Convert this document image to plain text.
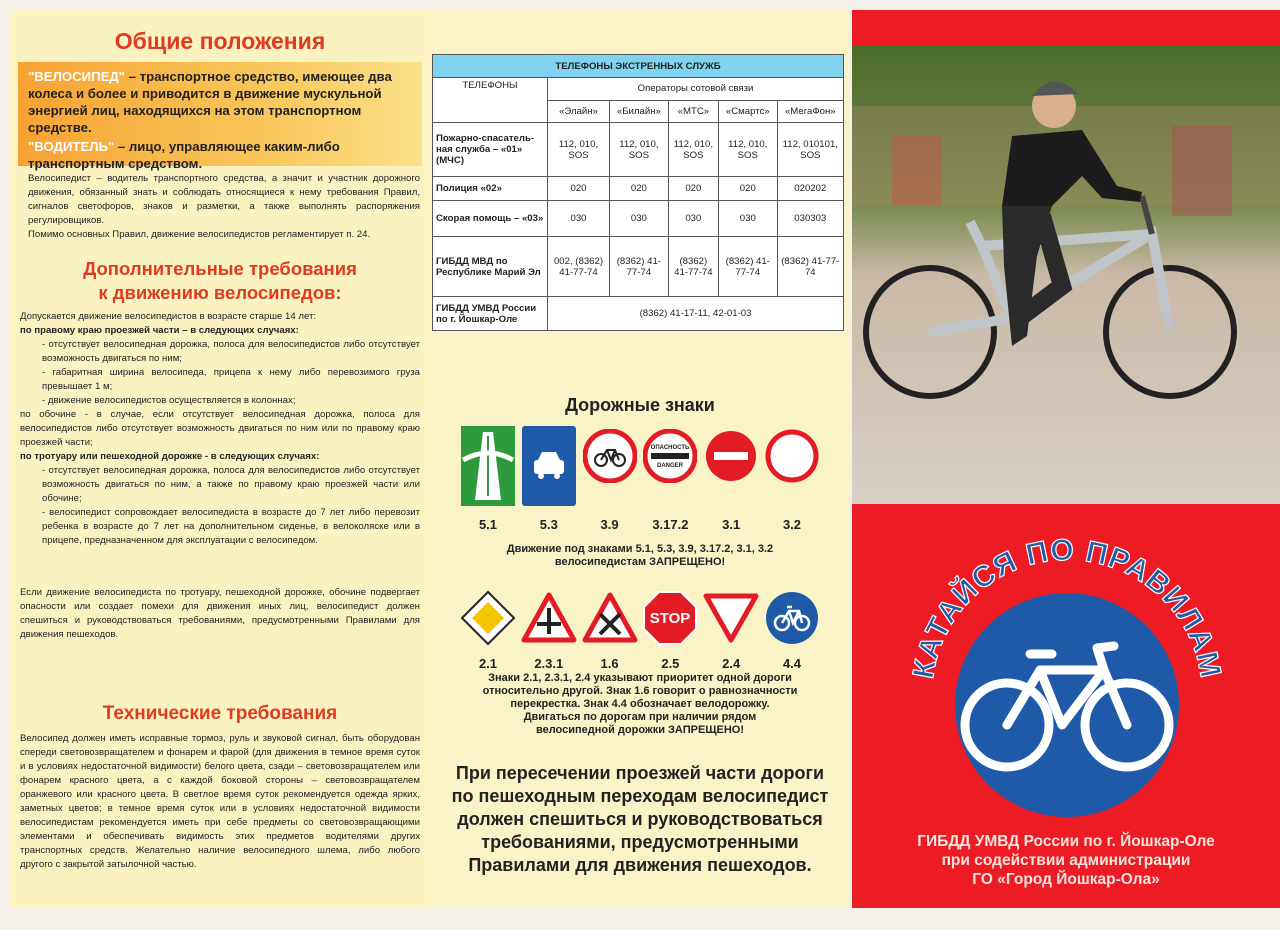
Общие положения
"ВЕЛОСИПЕД" – транспортное средство, имеющее два колеса и более и приводится в движение мускульной энергией лиц, находящихся на этом транспортном средстве.
"ВОДИТЕЛЬ" – лицо, управляющее каким-либо транспортным средством.
Велосипедист – водитель транспортного средства, а значит и участник дорожного движения, обязанный знать и соблюдать относящиеся к нему требования Правил, сигналов светофоров, знаков и разметки, а также выполнять распоряжения регулировщиков.
Помимо основных Правил, движение велосипедистов регламентирует п. 24.
Дополнительные требования
к движению велосипедов:
Допускается движение велосипедистов в возрасте старше 14 лет:
по правому краю проезжей части – в следующих случаях:
- отсутствует велосипедная дорожка, полоса для велосипедистов либо отсутствует возможность двигаться по ним;
- габаритная ширина велосипеда, прицепа к нему либо перевозимого груза превышает 1 м;
- движение велосипедистов осуществляется в колоннах;
по обочине - в случае, если отсутствует велосипедная дорожка, полоса для велосипедистов либо отсутствует возможность двигаться по ним или по правому краю проезжей части;
по тротуару или пешеходной дорожке - в следующих случаях:
- отсутствует велосипедная дорожка, полоса для велосипедистов либо отсутствует возможность двигаться по ним, а также по правому краю проезжей части или обочине;
- велосипедист сопровождает велосипедиста в возрасте до 7 лет либо перевозит ребенка в возрасте до 7 лет на дополнительном сиденье, в велоколяске или в прицепе, предназначенном для эксплуатации с велосипедом.
Если движение велосипедиста по тротуару, пешеходной дорожке, обочине подвергает опасности или создает помехи для движения иных лиц, велосипедист должен спешиться и руководствоваться требованиями, предусмотренными Правилами для движения пешеходов.
Технические требования
Велосипед должен иметь исправные тормоз, руль и звуковой сигнал, быть оборудован спереди световозвращателем и фонарем и фарой (для движения в темное время суток и в условиях недостаточной видимости) белого цвета, сзади – световозвращателем или фонарем красного цвета, а с каждой боковой стороны – световозвращателем оранжевого или красного цвета. В светлое время суток рекомендуется одежда ярких, заметных цветов; в темное время суток или в условиях недостаточной видимости велосипедистам рекомендуется иметь при себе предметы со световозвращающими элементами и обеспечивать видимость этих предметов водителями других транспортных средств. Желательно наличие велосипедного шлема, либо любого другого с закрытой затылочной частью.
ТЕЛЕФОНЫ ЭКСТРЕННЫХ СЛУЖБ					
ТЕЛЕФОНЫ	Операторы сотовой связи				
	«Элайн»	«Билайн»	«МТС»	«Смартс»	«МегаФон»
Пожарно-спасатель-ная служба – «01» (МЧС)	112, 010, SOS	112, 010, SOS	112, 010, SOS	112, 010, SOS	112, 010101, SOS
Полиция «02»	020	020	020	020	020202
Скорая помощь – «03»	030	030	030	030	030303
ГИБДД МВД по Республике Марий Эл	002, (8362) 41-77-74	(8362) 41-77-74	(8362) 41-77-74	(8362) 41-77-74	(8362) 41-77-74
ГИБДД УМВД России по г. Йошкар-Оле	(8362) 41-17-11, 42-01-03				
Дорожные знаки
ОПАСНОСТЬ
DANGER
5.1	5.3	3.9	3.17.2	3.1	3.2
Движение под знаками 5.1, 5.3, 3.9, 3.17.2, 3.1, 3.2
велосипедистам ЗАПРЕЩЕНО!
STOP
2.1	2.3.1	1.6	2.5	2.4	4.4
Знаки 2.1, 2.3.1, 2.4 указывают приоритет одной дороги
относительно другой. Знак 1.6 говорит о равнозначности
перекрестка. Знак 4.4 обозначает велодорожку.
Двигаться по дорогам при наличии рядом
велосипедной дорожки ЗАПРЕЩЕНО!
При пересечении проезжей части дороги
по пешеходным переходам велосипедист
должен спешиться и руководствоваться
требованиями, предусмотренными
Правилами для движения пешеходов.
КАТАЙСЯ ПО ПРАВИЛАМ
ГИБДД УМВД России по г. Йошкар-Оле
при содействии администрации
ГО «Город Йошкар-Ола»
